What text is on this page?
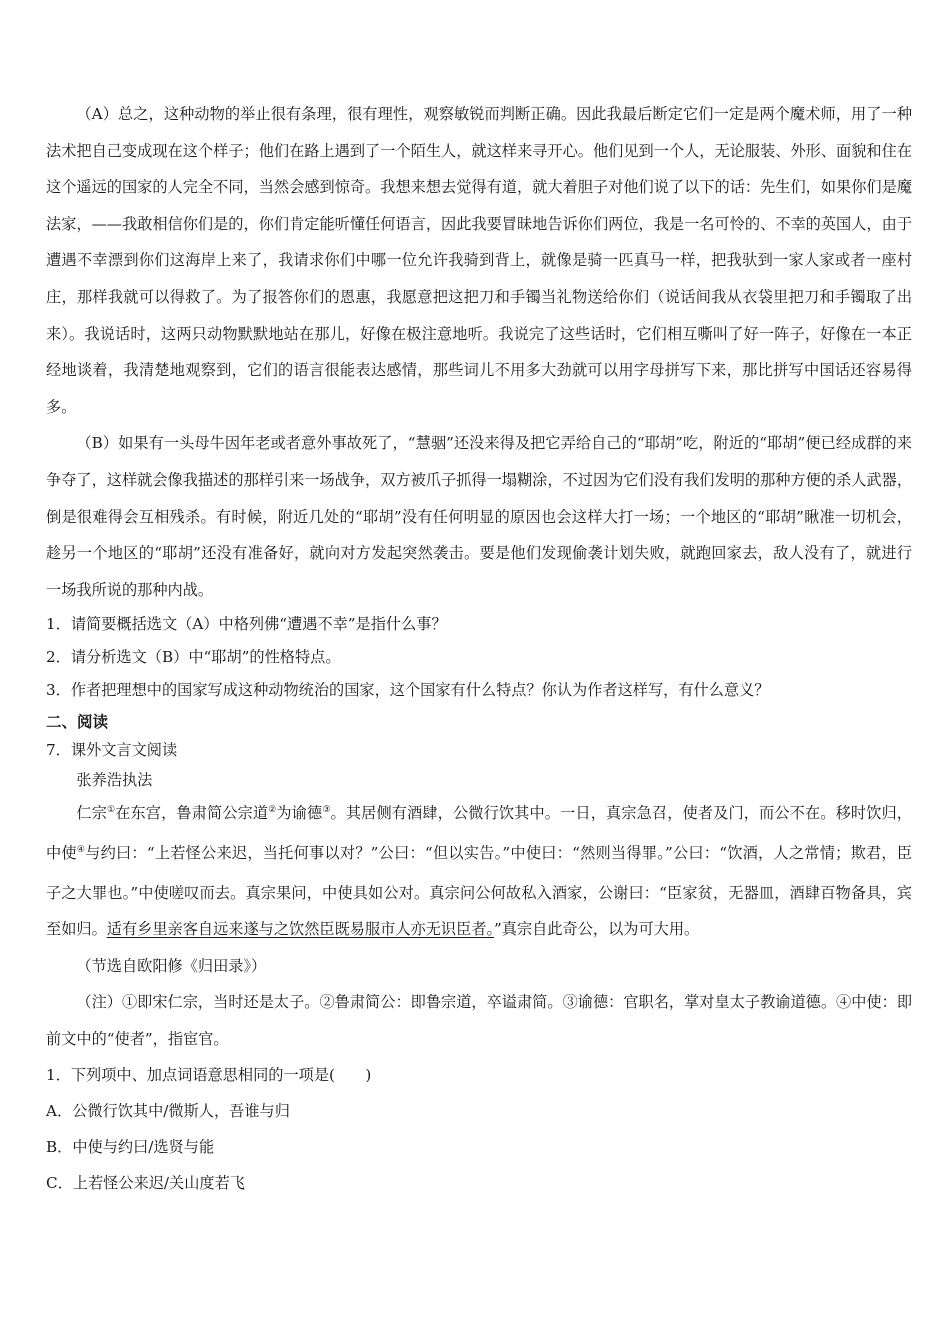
（A）总之，这种动物的举止很有条理，很有理性，观察敏锐而判断正确。因此我最后断定它们一定是两个魔术师，用了一种法术把自己变成现在这个样子；他们在路上遇到了一个陌生人，就这样来寻开心。他们见到一个人，无论服装、外形、面貌和住在这个遥远的国家的人完全不同，当然会感到惊奇。我想来想去觉得有道，就大着胆子对他们说了以下的话：先生们，如果你们是魔法家，——我敢相信你们是的，你们肯定能听懂任何语言，因此我要冒昧地告诉你们两位，我是一名可怜的、不幸的英国人，由于遭遇不幸漂到你们这海岸上来了，我请求你们中哪一位允许我骑到背上，就像是骑一匹真马一样，把我驮到一家人家或者一座村庄，那样我就可以得救了。为了报答你们的恩惠，我愿意把这把刀和手镯当礼物送给你们（说话间我从衣袋里把刀和手镯取了出来）。我说话时，这两只动物默默地站在那儿，好像在极注意地听。我说完了这些话时，它们相互嘶叫了好一阵子，好像在一本正经地谈着，我清楚地观察到，它们的语言很能表达感情，那些词儿不用多大劲就可以用字母拼写下来，那比拼写中国话还容易得多。

（B）如果有一头母牛因年老或者意外事故死了，“慧骃”还没来得及把它弄给自己的“耶胡”吃，附近的“耶胡”便已经成群的来争夺了，这样就会像我描述的那样引来一场战争，双方被爪子抓得一塌糊涂，不过因为它们没有我们发明的那种方便的杀人武器，倒是很难得会互相残杀。有时候，附近几处的“耶胡”没有任何明显的原因也会这样大打一场；一个地区的“耶胡”瞅准一切机会，趁另一个地区的“耶胡”还没有准备好，就向对方发起突然袭击。要是他们发现偷袭计划失败，就跑回家去，敌人没有了，就进行一场我所说的那种内战。

1．请简要概括选文（A）中格列佛“遭遇不幸”是指什么事？

2．请分析选文（B）中“耶胡”的性格特点。

3．作者把理想中的国家写成这种动物统治的国家，这个国家有什么特点？你认为作者这样写，有什么意义？

二、阅读

7．课外文言文阅读

张养浩执法

仁宗①在东宫，鲁肃简公宗道②为谕德③。其居侧有酒肆，公微行饮其中。一日，真宗急召，使者及门，而公不在。移时饮归，中使④与约曰：“上若怪公来迟，当托何事以对？”公曰：“但以实告。”中使曰：“然则当得罪。”公曰：“饮酒，人之常情；欺君，臣子之大罪也。”中使嗟叹而去。真宗果问，中使具如公对。真宗问公何故私入酒家，公谢曰：“臣家贫，无器皿，酒肆百物备具，宾至如归。适有乡里亲客自远来遂与之饮然臣既易服市人亦无识臣者。”真宗自此奇公，以为可大用。

（节选自欧阳修《归田录》）

（注）①即宋仁宗，当时还是太子。②鲁肃简公：即鲁宗道，卒谥肃简。③谕德：官职名，掌对皇太子教谕道德。④中使：即前文中的“使者”，指宦官。

1．下列项中、加点词语意思相同的一项是(　　)

A．公微行饮其中/微斯人，吾谁与归

B．中使与约曰/选贤与能

C．上若怪公来迟/关山度若飞
